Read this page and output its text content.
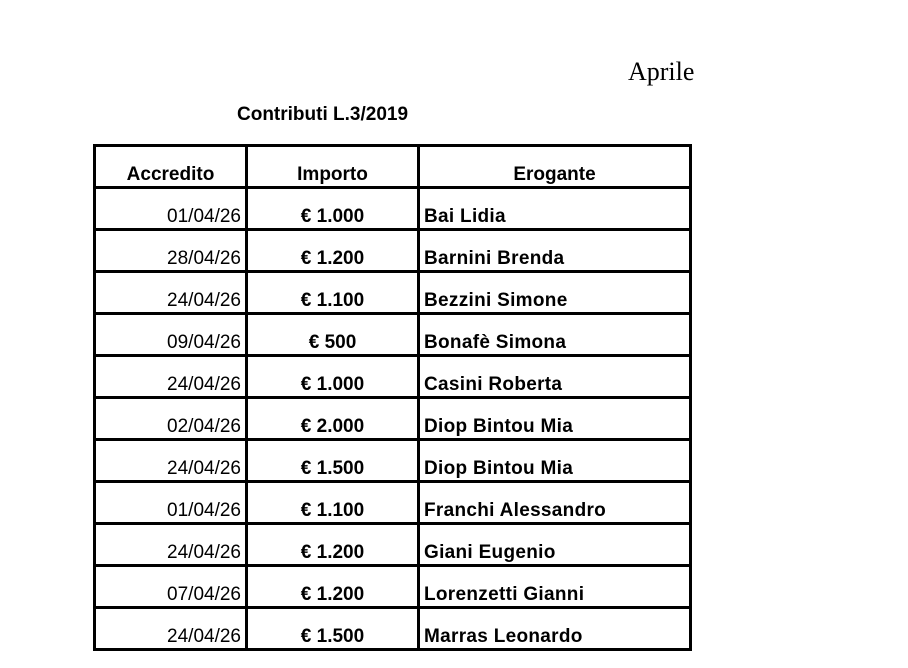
Aprile
Contributi L.3/2019
Accredito	Importo	Erogante
01/04/26	€ 1.000	Bai Lidia
28/04/26	€ 1.200	Barnini Brenda
24/04/26	€ 1.100	Bezzini Simone
09/04/26	€ 500	Bonafè Simona
24/04/26	€ 1.000	Casini Roberta
02/04/26	€ 2.000	Diop Bintou Mia
24/04/26	€ 1.500	Diop Bintou Mia
01/04/26	€ 1.100	Franchi Alessandro
24/04/26	€ 1.200	Giani Eugenio
07/04/26	€ 1.200	Lorenzetti Gianni
24/04/26	€ 1.500	Marras Leonardo
